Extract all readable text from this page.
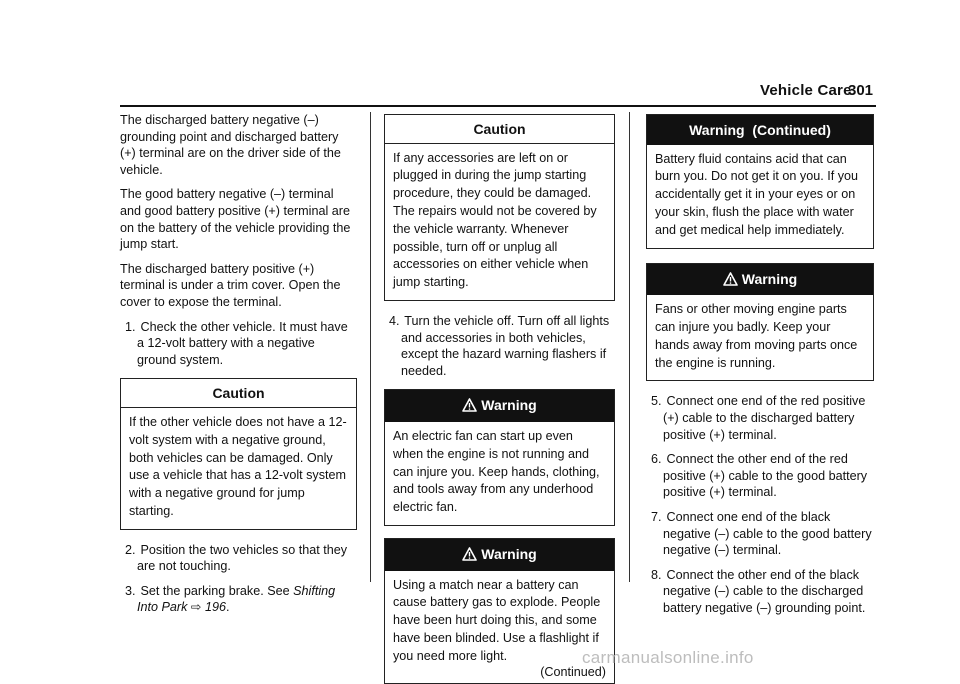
Vehicle Care
301

The discharged battery negative (–) grounding point and discharged battery (+) terminal are on the driver side of the vehicle.

The good battery negative (–) terminal and good battery positive (+) terminal are on the battery of the vehicle providing the jump start.

The discharged battery positive (+) terminal is under a trim cover. Open the cover to expose the terminal.

1. Check the other vehicle. It must have a 12-volt battery with a negative ground system.
Caution
If the other vehicle does not have a 12-volt system with a negative ground, both vehicles can be damaged. Only use a vehicle that has a 12-volt system with a negative ground for jump starting.
2. Position the two vehicles so that they are not touching.
3. Set the parking brake. See Shifting Into Park ⇨ 196.
Caution
If any accessories are left on or plugged in during the jump starting procedure, they could be damaged. The repairs would not be covered by the vehicle warranty. Whenever possible, turn off or unplug all accessories on either vehicle when jump starting.
4. Turn the vehicle off. Turn off all lights and accessories in both vehicles, except the hazard warning flashers if needed.
Warning
An electric fan can start up even when the engine is not running and can injure you. Keep hands, clothing, and tools away from any underhood electric fan.
Warning
Using a match near a battery can cause battery gas to explode. People have been hurt doing this, and some have been blinded. Use a flashlight if you need more light.
(Continued)
Warning  (Continued)
Battery fluid contains acid that can burn you. Do not get it on you. If you accidentally get it in your eyes or on your skin, flush the place with water and get medical help immediately.
Warning
Fans or other moving engine parts can injure you badly. Keep your hands away from moving parts once the engine is running.
5. Connect one end of the red positive (+) cable to the discharged battery positive (+) terminal.
6. Connect the other end of the red positive (+) cable to the good battery positive (+) terminal.
7. Connect one end of the black negative (–) cable to the good battery negative (–) terminal.
8. Connect the other end of the black negative (–) cable to the discharged battery negative (–) grounding point.
carmanualsonline.info
